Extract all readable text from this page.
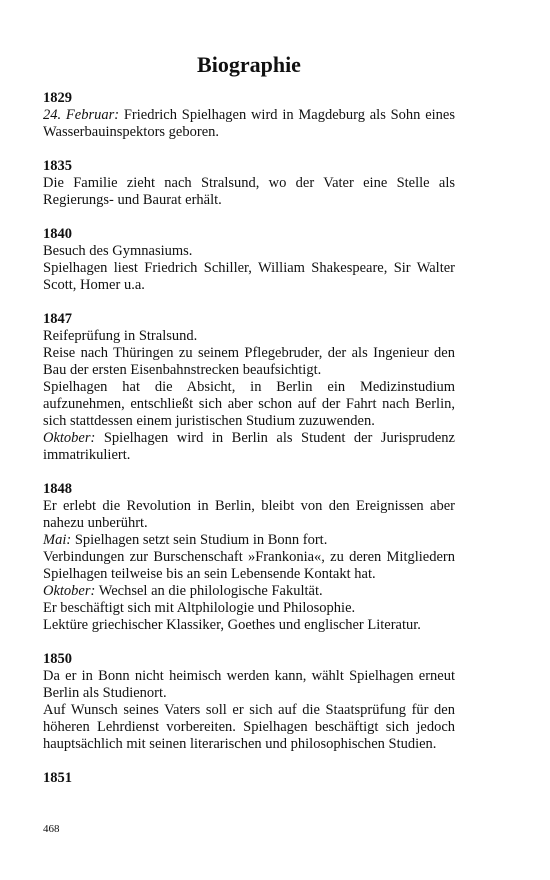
Biographie
1829

24. Februar: Friedrich Spielhagen wird in Magdeburg als Sohn eines Wasserbauinspektors geboren.

1835

Die Familie zieht nach Stralsund, wo der Vater eine Stelle als Regierungs- und Baurat erhält.

1840

Besuch des Gymnasiums.

Spielhagen liest Friedrich Schiller, William Shakespeare, Sir Walter Scott, Homer u.a.

1847

Reifeprüfung in Stralsund.

Reise nach Thüringen zu seinem Pflegebruder, der als Ingenieur den Bau der ersten Eisenbahnstrecken beaufsichtigt.

Spielhagen hat die Absicht, in Berlin ein Medizinstudium aufzunehmen, entschließt sich aber schon auf der Fahrt nach Berlin, sich stattdessen einem juristischen Studium zuzuwenden.

Oktober: Spielhagen wird in Berlin als Student der Jurisprudenz immatrikuliert.

1848

Er erlebt die Revolution in Berlin, bleibt von den Ereignissen aber nahezu unberührt.

Mai: Spielhagen setzt sein Studium in Bonn fort.

Verbindungen zur Burschenschaft »Frankonia«, zu deren Mitgliedern Spielhagen teilweise bis an sein Lebensende Kontakt hat.

Oktober: Wechsel an die philologische Fakultät.

Er beschäftigt sich mit Altphilologie und Philosophie.

Lektüre griechischer Klassiker, Goethes und englischer Literatur.

1850

Da er in Bonn nicht heimisch werden kann, wählt Spielhagen erneut Berlin als Studienort.

Auf Wunsch seines Vaters soll er sich auf die Staatsprüfung für den höheren Lehrdienst vorbereiten. Spielhagen beschäftigt sich jedoch hauptsächlich mit seinen literarischen und philosophischen Studien.

1851
468
